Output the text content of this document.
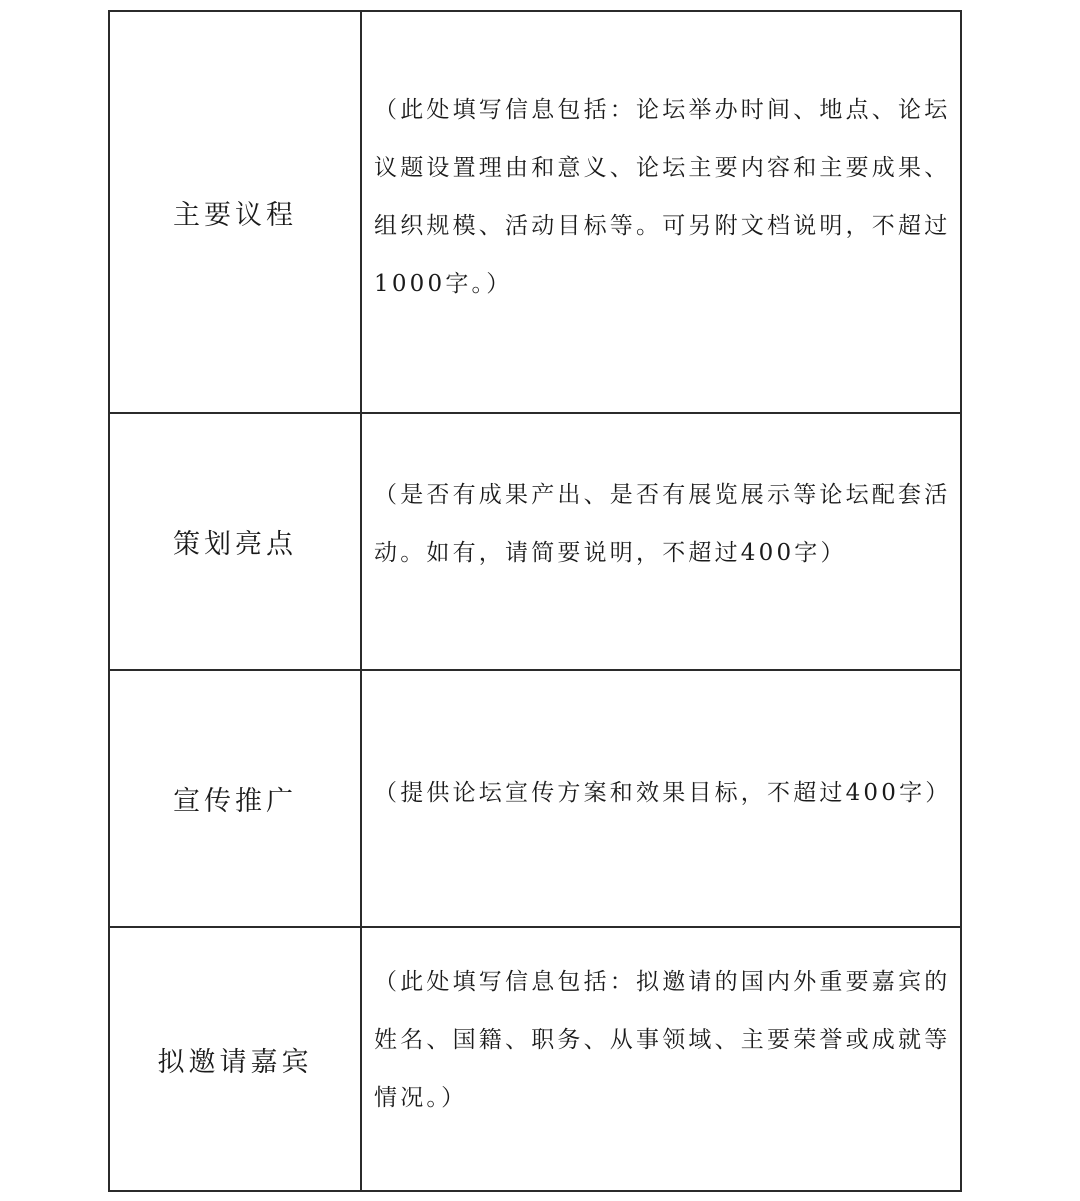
主要议程

（此处填写信息包括：论坛举办时间、地点、论坛议题设置理由和意义、论坛主要内容和主要成果、组织规模、活动目标等。可另附文档说明，不超过1000字。）

策划亮点

（是否有成果产出、是否有展览展示等论坛配套活动。如有，请简要说明，不超过400字）

宣传推广	（提供论坛宣传方案和效果目标，不超过400字）

拟邀请嘉宾

（此处填写信息包括：拟邀请的国内外重要嘉宾的姓名、国籍、职务、从事领域、主要荣誉或成就等情况。）
